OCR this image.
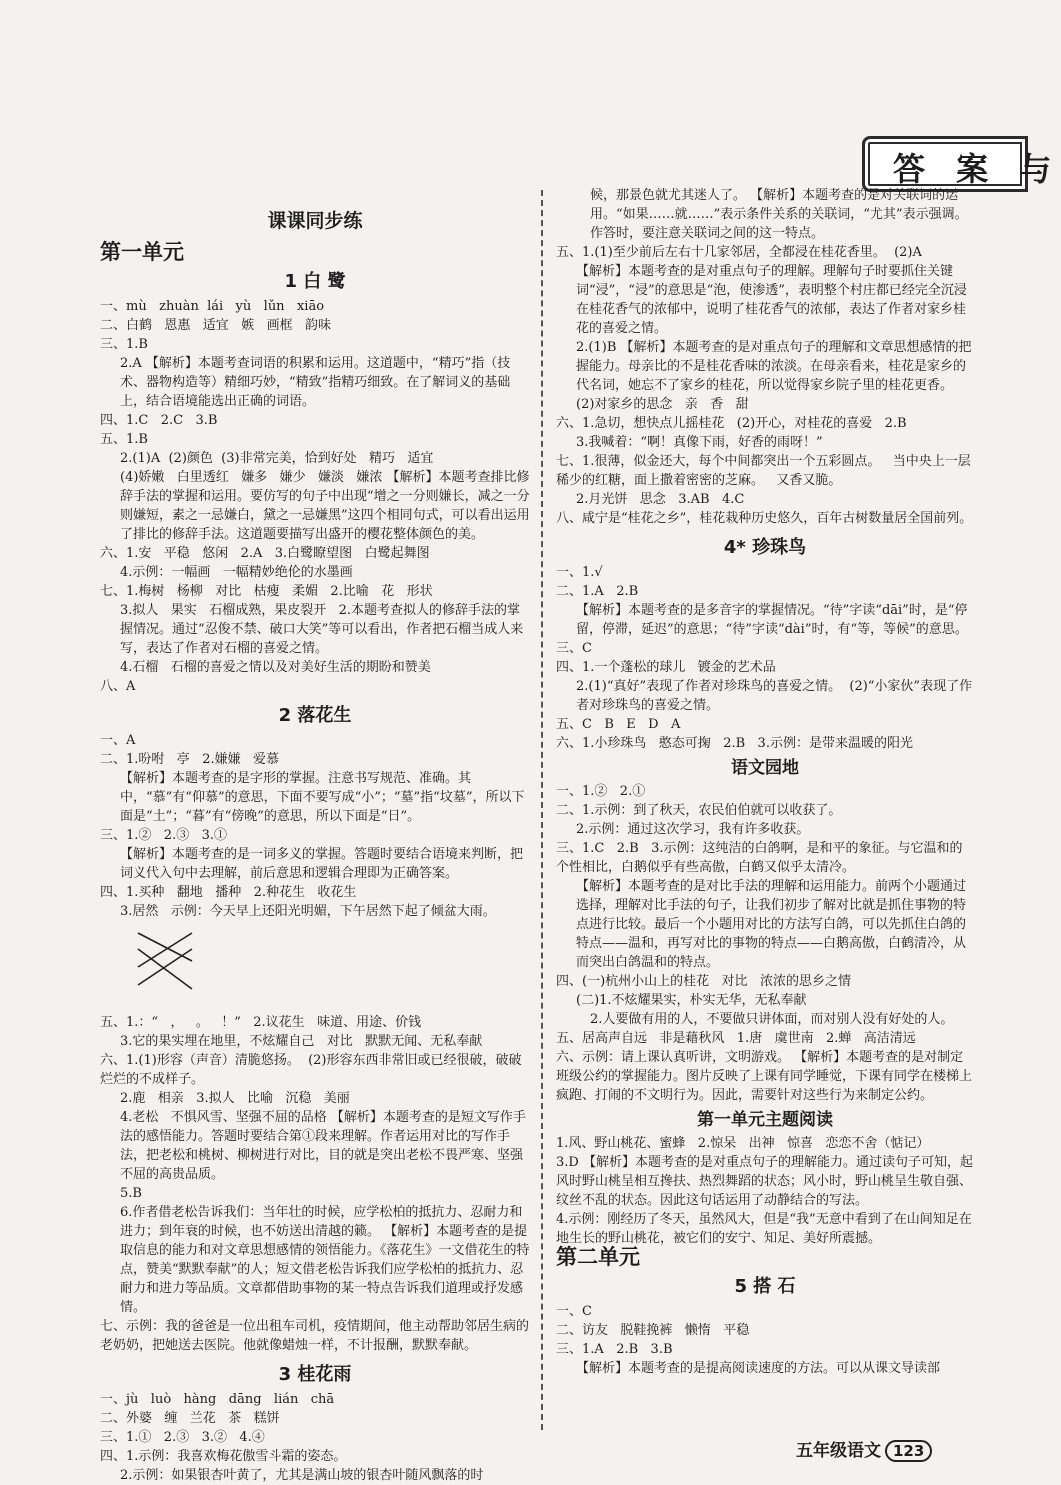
答 案 与
课课同步练
第一单元
1 白 鹭

一、mù   zhuàn  lái   yù   lǔn   xiāo

二、白鹤   恩惠   适宜   嫉   画框   韵味

三、1.B

2.A 【解析】本题考查词语的积累和运用。这道题中，“精巧”指（技术、器物构造等）精细巧妙，“精致”指精巧细致。在了解词义的基础上，结合语境能选出正确的词语。

四、1.C   2.C   3.B

五、1.B

2.(1)A  (2)颜色  (3)非常完美，恰到好处   精巧   适宜

(4)娇嫩   白里透红   嫌多   嫌少   嫌淡   嫌浓 【解析】本题考查排比修辞手法的掌握和运用。要仿写的句子中出现“增之一分则嫌长，减之一分则嫌短，素之一忌嫌白，黛之一忌嫌黑”这四个相同句式，可以看出运用了排比的修辞手法。这道题要描写出盛开的樱花整体颜色的美。

六、1.安   平稳   悠闲   2.A   3.白鹭瞭望图   白鹭起舞图

4.示例：一幅画   一幅精妙绝伦的水墨画

七、1.梅树   杨柳   对比   枯瘦   柔媚   2.比喻   花   形状

3.拟人   果实   石榴成熟，果皮裂开   2.本题考查拟人的修辞手法的掌握情况。通过“忍俊不禁、破口大笑”等可以看出，作者把石榴当成人来写，表达了作者对石榴的喜爱之情。

4.石榴   石榴的喜爱之情以及对美好生活的期盼和赞美

八、A

2 落花生

一、A

二、1.吩咐   亭   2.嫌嫌   爱慕

【解析】本题考查的是字形的掌握。注意书写规范、准确。其中，“慕”有“仰慕”的意思，下面不要写成“小”；“墓”指“坟墓”，所以下面是“土”；“暮”有“傍晚”的意思，所以下面是“日”。

三、1.②   2.③   3.①

【解析】本题考查的是一词多义的掌握。答题时要结合语境来判断，把词义代入句中去理解，前后意思和逻辑合理即为正确答案。

四、1.买种   翻地   播种   2.种花生   收花生

3.居然   示例：今天早上还阳光明媚，下午居然下起了倾盆大雨。

五、1.：“   ，   。   ！”   2.议花生   味道、用途、价钱

3.它的果实埋在地里，不炫耀自己   对比   默默无闻、无私奉献

六、1.(1)形容（声音）清脆悠扬。  (2)形容东西非常旧或已经很破，破破烂烂的不成样子。

2.鹿   相亲   3.拟人   比喻   沉稳   美丽

4.老松   不惧风雪、坚强不屈的品格 【解析】本题考查的是短文写作手法的感悟能力。答题时要结合第①段来理解。作者运用对比的写作手法，把老松和桃树、柳树进行对比，目的就是突出老松不畏严寒、坚强不屈的高贵品质。

5.B

6.作者借老松告诉我们：当年壮的时候，应学松柏的抵抗力、忍耐力和进力；到年衰的时候，也不妨送出清越的籁。 【解析】本题考查的是提取信息的能力和对文章思想感情的领悟能力。《落花生》一文借花生的特点，赞美“默默奉献”的人；短文借老松告诉我们应学松柏的抵抗力、忍耐力和进力等品质。文章都借助事物的某一特点告诉我们道理或抒发感情。

七、示例：我的爸爸是一位出租车司机，疫情期间，他主动帮助邻居生病的老奶奶，把她送去医院。他就像蜡烛一样，不计报酬，默默奉献。

3 桂花雨

一、jù   luò   hàng   dāng   lián   chā

二、外婆   缠   兰花   茶   糕饼

三、1.①   2.③   3.②   4.④

四、1.示例：我喜欢梅花傲雪斗霜的姿态。

2.示例：如果银杏叶黄了，尤其是满山坡的银杏叶随风飘落的时

候，那景色就尤其迷人了。 【解析】本题考查的是对关联词的运用。“如果……就……”表示条件关系的关联词，“尤其”表示强调。作答时，要注意关联词之间的这一特点。

五、1.(1)至少前后左右十几家邻居，全都浸在桂花香里。  (2)A

【解析】本题考查的是对重点句子的理解。理解句子时要抓住关键词“浸”，“浸”的意思是“泡，使渗透”，表明整个村庄都已经完全沉浸在桂花香气的浓郁中，说明了桂花香气的浓郁，表达了作者对家乡桂花的喜爱之情。

2.(1)B 【解析】本题考查的是对重点句子的理解和文章思想感情的把握能力。母亲比的不是桂花香味的浓淡。在母亲看来，桂花是家乡的代名词，她忘不了家乡的桂花，所以觉得家乡院子里的桂花更香。

(2)对家乡的思念   亲   香   甜

六、1.急切，想快点儿摇桂花   (2)开心，对桂花的喜爱   2.B

3.我喊着：“啊！真像下雨，好香的雨呀！”

七、1.很薄，似金还大，每个中间都突出一个五彩圆点。   当中央上一层稀少的红糖，面上撒着密密的芝麻。   又香又脆。

2.月光饼   思念   3.AB   4.C

八、咸宁是“桂花之乡”，桂花栽种历史悠久，百年古树数量居全国前列。

4* 珍珠鸟

一、1.√

二、1.A   2.B

【解析】本题考查的是多音字的掌握情况。“待”字读“dāi”时，是“停留，停滞，延迟”的意思；“待”字读“dài”时，有“等，等候”的意思。

三、C

四、1.一个蓬松的球儿   镀金的艺术品

2.(1)“真好”表现了作者对珍珠鸟的喜爱之情。  (2)“小家伙”表现了作者对珍珠鸟的喜爱之情。

五、C   B   E   D   A

六、1.小珍珠鸟   憨态可掬   2.B   3.示例：是带来温暖的阳光

语文园地

一、1.②   2.①

二、1.示例：到了秋天，农民伯伯就可以收获了。

2.示例：通过这次学习，我有许多收获。

三、1.C   2.B   3.示例：这纯洁的白鸽啊，是和平的象征。与它温和的个性相比，白鹅似乎有些高傲，白鹤又似乎太清冷。

【解析】本题考查的是对比手法的理解和运用能力。前两个小题通过选择，理解对比手法的句子，让我们初步了解对比就是抓住事物的特点进行比较。最后一个小题用对比的方法写白鸽，可以先抓住白鸽的特点——温和，再写对比的事物的特点——白鹅高傲，白鹤清冷，从而突出白鸽温和的特点。

四、(一)杭州小山上的桂花   对比   浓浓的思乡之情

(二)1.不炫耀果实，朴实无华，无私奉献

2.人要做有用的人，不要做只讲体面，而对别人没有好处的人。

五、居高声自远   非是藉秋风   1.唐   虞世南   2.蝉   高洁清远

六、示例：请上课认真听讲，文明游戏。 【解析】本题考查的是对制定班级公约的掌握能力。图片反映了上课有同学睡觉，下课有同学在楼梯上疯跑、打闹的不文明行为。因此，需要针对这些行为来制定公约。

第一单元主题阅读

1.风、野山桃花、蜜蜂   2.惊呆   出神   惊喜   恋恋不舍（惦记）

3.D 【解析】本题考查的是对重点句子的理解能力。通过读句子可知，起风时野山桃呈相互搀扶、热烈舞蹈的状态；风小时，野山桃呈生敬自强、纹丝不乱的状态。因此这句话运用了动静结合的写法。

4.示例：刚经历了冬天，虽然风大，但是“我”无意中看到了在山间知足在地生长的野山桃花，被它们的安宁、知足、美好所震撼。

第二单元
5 搭 石

一、C

二、访友   脱鞋挽裤   懒惰   平稳

三、1.A   2.B   3.B

【解析】本题考查的是提高阅读速度的方法。可以从课文导读部

五年级语文 123
